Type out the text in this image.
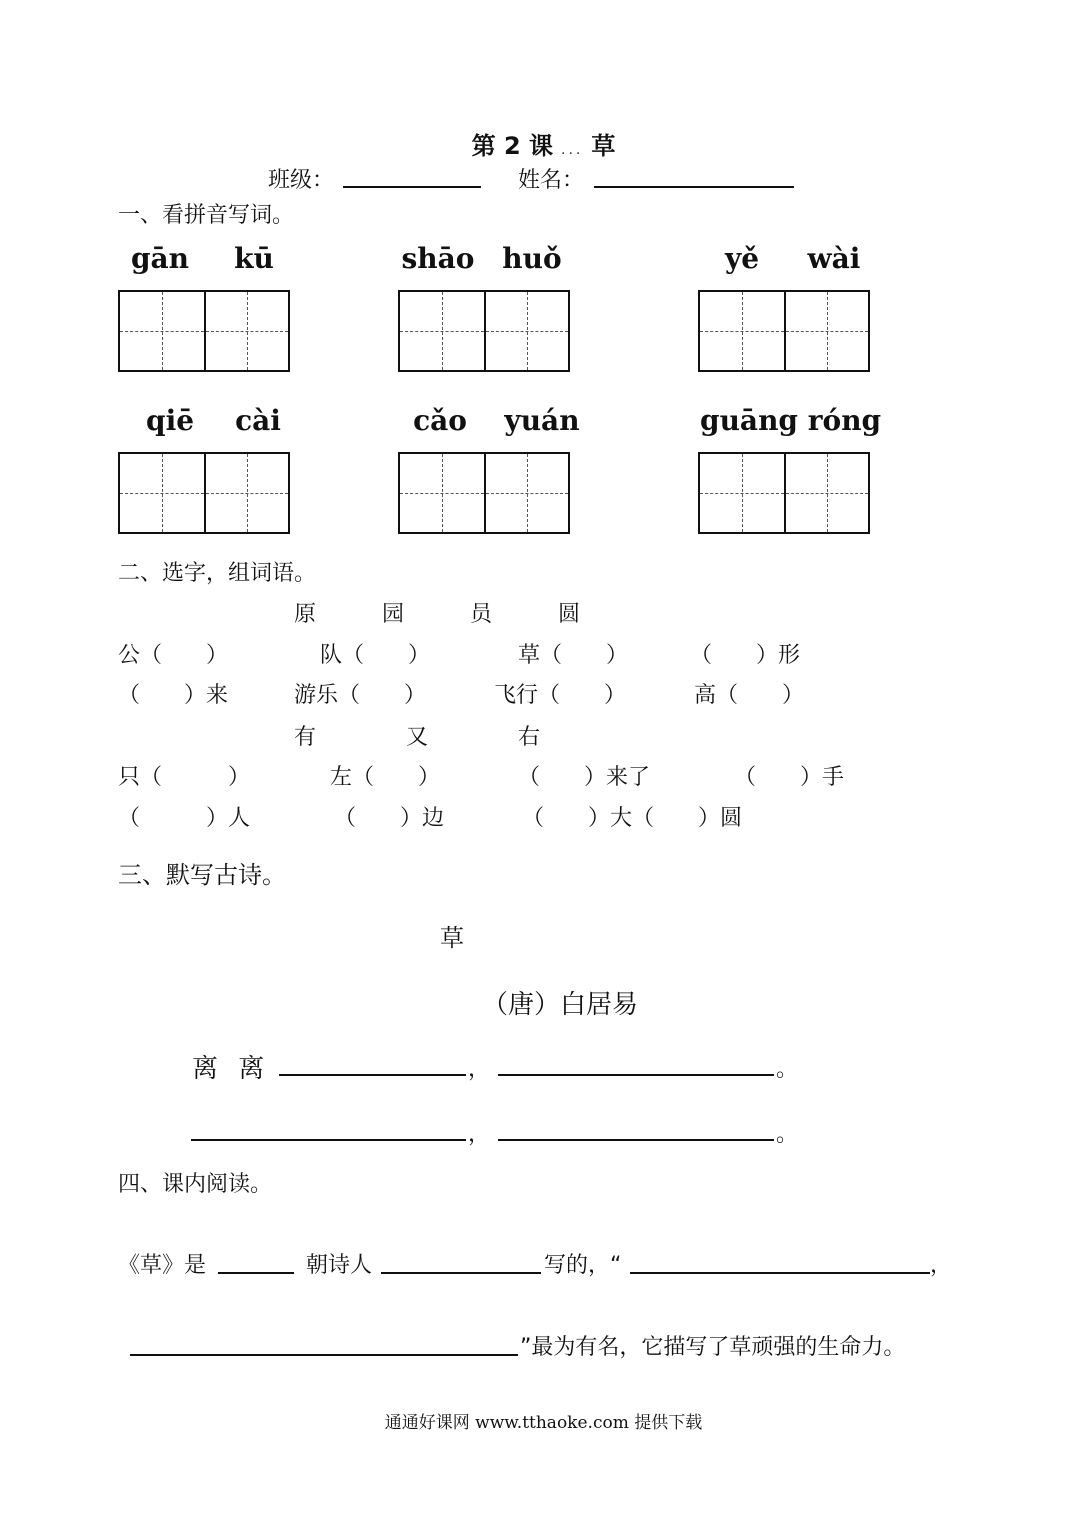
第 2 课 ... 草
班级：	姓名：
一、看拼音写词。
gān	kū	shāo huǒ	yě	wài
qiē	cài	cǎo	yuán	guāng róng
二、选字，组词语。
原	园	员	圆
公（　　）	队（　　）	草（　　）	（　　）形
（　　）来	游乐（　　）	飞行（　　）	高（　　）
有	又	右
只（　　　）	左（　　）	（　　）来了	（　　）手
（　　　）人	（　　）边	（　　）大（　　）圆
三、默写古诗。
草
（唐）白居易
离 离	，	。
，	。
四、课内阅读。
《草》是	朝诗人	写的，“	，
”最为有名，它描写了草顽强的生命力。
通通好课网 www.tthaoke.com 提供下载
